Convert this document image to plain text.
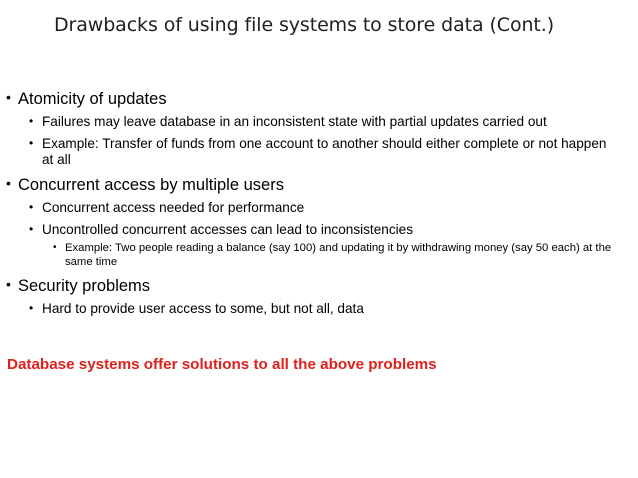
Drawbacks of using file systems to store data (Cont.)

• Atomicity of updates

• Failures may leave database in an inconsistent state with partial updates carried out

• Example: Transfer of funds from one account to another should either complete or not happen at all

• Concurrent access by multiple users

• Concurrent access needed for performance

• Uncontrolled concurrent accesses can lead to inconsistencies

• Example: Two people reading a balance (say 100) and updating it by withdrawing money (say 50 each) at the same time

• Security problems

• Hard to provide user access to some, but not all, data

Database systems offer solutions to all the above problems
